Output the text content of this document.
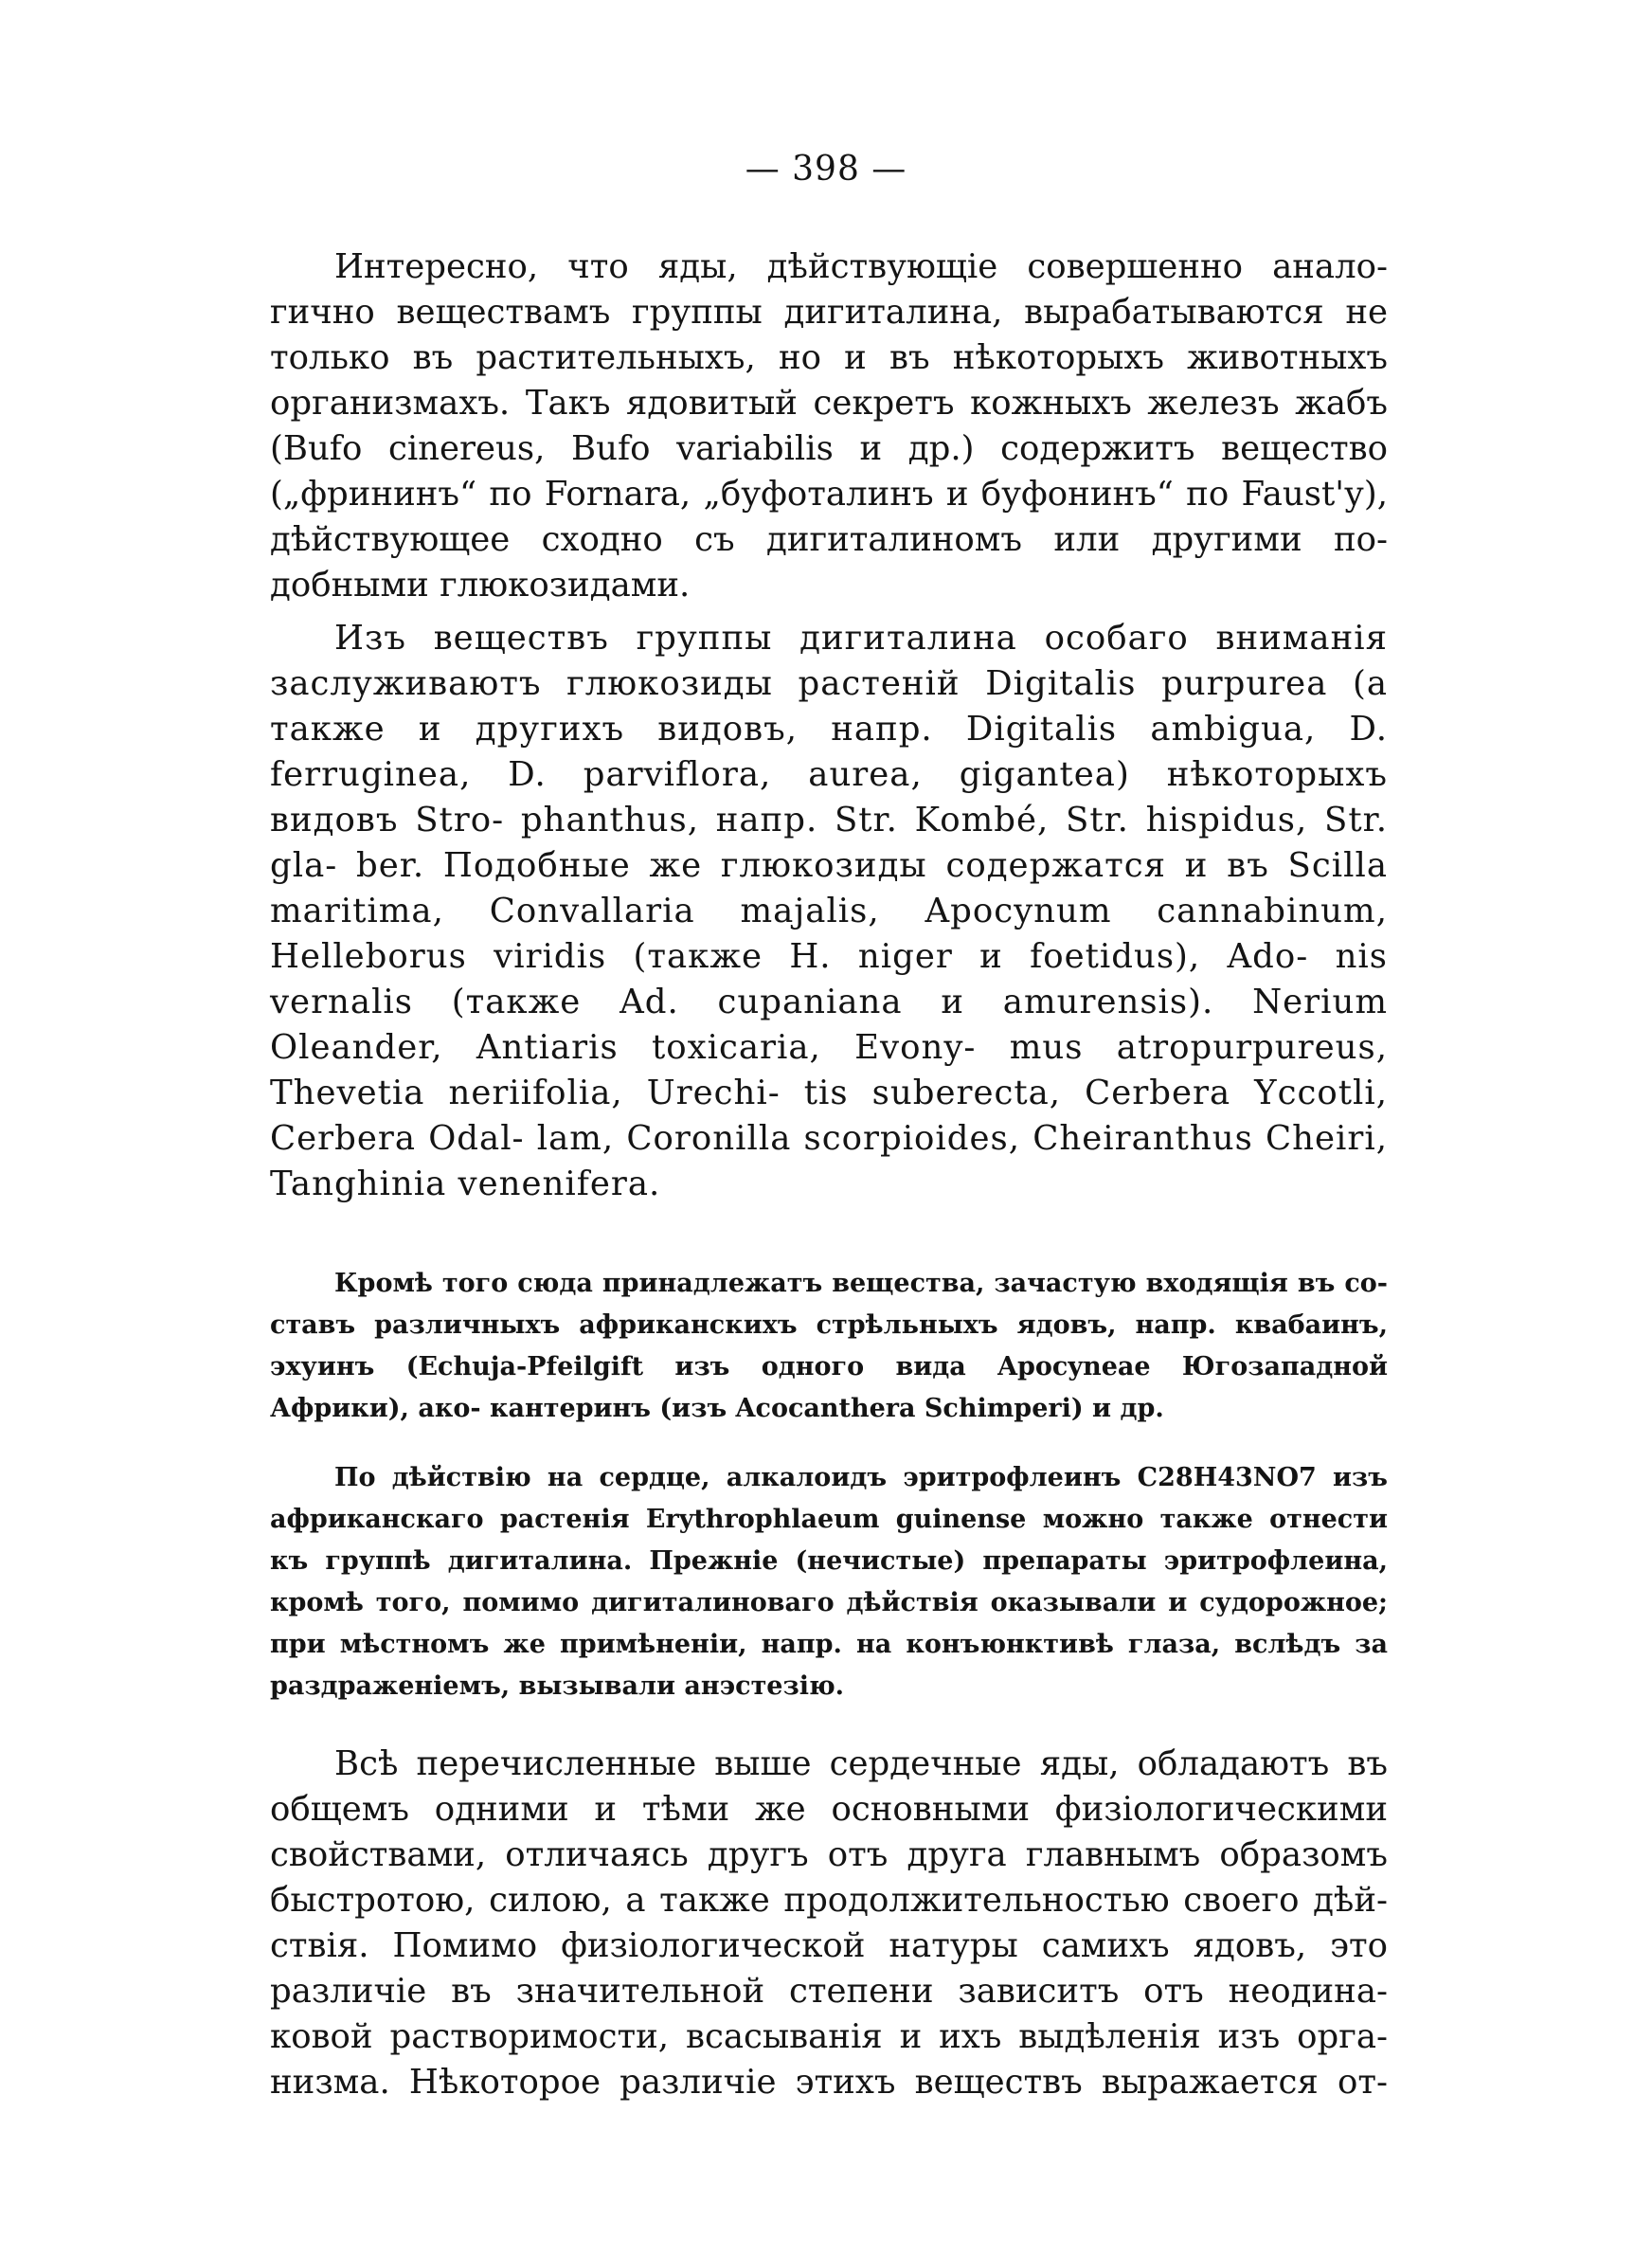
— 398 —

Интересно, что яды, дѣйствующіе совершенно анало- гично веществамъ группы дигиталина, вырабатываются не только въ растительныхъ, но и въ нѣкоторыхъ животныхъ организмахъ. Такъ ядовитый секретъ кожныхъ железъ жабъ (Bufo cinereus, Bufo variabilis и др.) содержитъ вещество („фрининъ“ по Fornara, „буфоталинъ и буфонинъ“ по Faust'у), дѣйствующее сходно съ дигиталиномъ или другими по- добными глюкозидами.

Изъ веществъ группы дигиталина особаго вниманія заслуживаютъ глюкозиды растеній Digitalis purpurea (а также и другихъ видовъ, напр. Digitalis ambigua, D. ferruginea, D. parviflora, aurea, gigantea) нѣкоторыхъ видовъ Stro- phanthus, напр. Str. Kombé, Str. hispidus, Str. gla- ber. Подобные же глюкозиды содержатся и въ Scilla maritima, Convallaria majalis, Apocynum cannabinum, Helleborus viridis (также H. niger и foetidus), Ado- nis vernalis (также Ad. cupaniana и amurensis). Nerium Oleander, Antiaris toxicaria, Evony- mus atropurpureus, Thevetia neriifolia, Urechi- tis suberecta, Cerbera Yccotli, Cerbera Odal- lam, Coronilla scorpioides, Cheiranthus Cheiri, Tanghinia venenifera.

Кромѣ того сюда принадлежатъ вещества, зачастую входящія въ со- ставъ различныхъ африканскихъ стрѣльныхъ ядовъ, напр. квабаинъ, эхуинъ (Echuja-Pfeilgift изъ одного вида Apocyneae Югозападной Африки), ако- кантеринъ (изъ Acocanthera Schimperi) и др.

По дѣйствію на сердце, алкалоидъ эритрофлеинъ C28H43NO7 изъ африканскаго растенія Erythrophlaeum guinense можно также отнести къ группѣ дигиталина. Прежніе (нечистые) препараты эритрофлеина, кромѣ того, помимо дигиталиноваго дѣйствія оказывали и судорожное; при мѣстномъ же примѣненіи, напр. на конъюнктивѣ глаза, вслѣдъ за раздраженіемъ, вызывали анэстезію.

Всѣ перечисленные выше сердечные яды, обладаютъ въ общемъ одними и тѣми же основными физіологическими свойствами, отличаясь другъ отъ друга главнымъ образомъ быстротою, силою, а также продолжительностью своего дѣй- ствія. Помимо физіологической натуры самихъ ядовъ, это различіе въ значительной степени зависитъ отъ неодина- ковой растворимости, всасыванія и ихъ выдѣленія изъ орга- низма. Нѣкоторое различіе этихъ веществъ выражается от-
